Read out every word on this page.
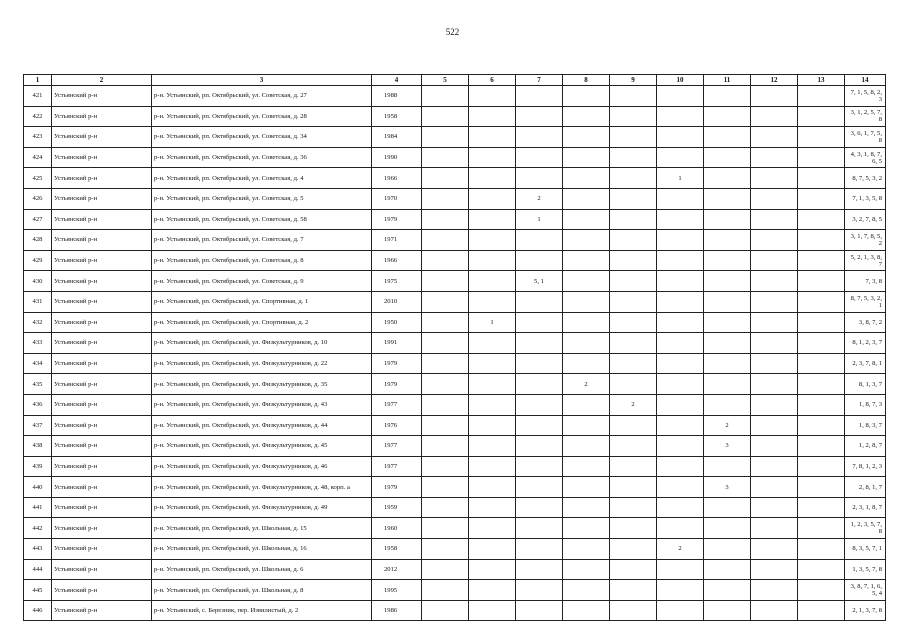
522
1	2	3	4	5	6	7	8	9	10	11	12	13	14
421	Устьянский р-н	р-н. Устьянский, рп. Октябрьский, ул. Советская, д. 27	1988										7, 1, 5, 8, 2, 3
422	Устьянский р-н	р-н. Устьянский, рп. Октябрьский, ул. Советская, д. 28	1958										3, 1, 2, 5, 7, 8
423	Устьянский р-н	р-н. Устьянский, рп. Октябрьский, ул. Советская, д. 34	1984										3, 6, 1, 7, 5, 8
424	Устьянский р-н	р-н. Устьянский, рп. Октябрьский, ул. Советская, д. 36	1990										4, 3, 1, 8, 7, 6, 5
425	Устьянский р-н	р-н. Устьянский, рп. Октябрьский, ул. Советская, д. 4	1966						1				8, 7, 5, 3, 2
426	Устьянский р-н	р-н. Устьянский, рп. Октябрьский, ул. Советская, д. 5	1970			2							7, 1, 3, 5, 8
427	Устьянский р-н	р-н. Устьянский, рп. Октябрьский, ул. Советская, д. 58	1979			1							3, 2, 7, 8, 5
428	Устьянский р-н	р-н. Устьянский, рп. Октябрьский, ул. Советская, д. 7	1971										3, 1, 7, 8, 5, 2
429	Устьянский р-н	р-н. Устьянский, рп. Октябрьский, ул. Советская, д. 8	1966										5, 2, 1, 3, 8, 7
430	Устьянский р-н	р-н. Устьянский, рп. Октябрьский, ул. Советская, д. 9	1975			5, 1							7, 3, 8
431	Устьянский р-н	р-н. Устьянский, рп. Октябрьский, ул. Спортивная, д. 1	2010										8, 7, 5, 3, 2, 1
432	Устьянский р-н	р-н. Устьянский, рп. Октябрьский, ул. Спортивная, д. 2	1950		1								3, 8, 7, 2
433	Устьянский р-н	р-н. Устьянский, рп. Октябрьский, ул. Физкультурников, д. 10	1991										8, 1, 2, 3, 7
434	Устьянский р-н	р-н. Устьянский, рп. Октябрьский, ул. Физкультурников, д. 22	1979										2, 3, 7, 8, 1
435	Устьянский р-н	р-н. Устьянский, рп. Октябрьский, ул. Физкультурников, д. 35	1979				2						8, 1, 3, 7
436	Устьянский р-н	р-н. Устьянский, рп. Октябрьский, ул. Физкультурников, д. 43	1977					2					1, 8, 7, 3
437	Устьянский р-н	р-н. Устьянский, рп. Октябрьский, ул. Физкультурников, д. 44	1976							2			1, 8, 3, 7
438	Устьянский р-н	р-н. Устьянский, рп. Октябрьский, ул. Физкультурников, д. 45	1977							3			1, 2, 8, 7
439	Устьянский р-н	р-н. Устьянский, рп. Октябрьский, ул. Физкультурников, д. 46	1977										7, 8, 1, 2, 3
440	Устьянский р-н	р-н. Устьянский, рп. Октябрьский, ул. Физкультурников, д. 48, корп. а	1979							3			2, 8, 1, 7
441	Устьянский р-н	р-н. Устьянский, рп. Октябрьский, ул. Физкультурников, д. 49	1959										2, 3, 1, 8, 7
442	Устьянский р-н	р-н. Устьянский, рп. Октябрьский, ул. Школьная, д. 15	1960										1, 2, 3, 5, 7, 8
443	Устьянский р-н	р-н. Устьянский, рп. Октябрьский, ул. Школьная, д. 16	1958						2				8, 3, 5, 7, 1
444	Устьянский р-н	р-н. Устьянский, рп. Октябрьский, ул. Школьная, д. 6	2012										1, 3, 5, 7, 8
445	Устьянский р-н	р-н. Устьянский, рп. Октябрьский, ул. Школьная, д. 8	1995										3, 8, 7, 1, 6, 5, 4
446	Устьянский р-н	р-н. Устьянский, с. Березник, пер. Извилистый, д. 2	1986										2, 1, 3, 7, 8
